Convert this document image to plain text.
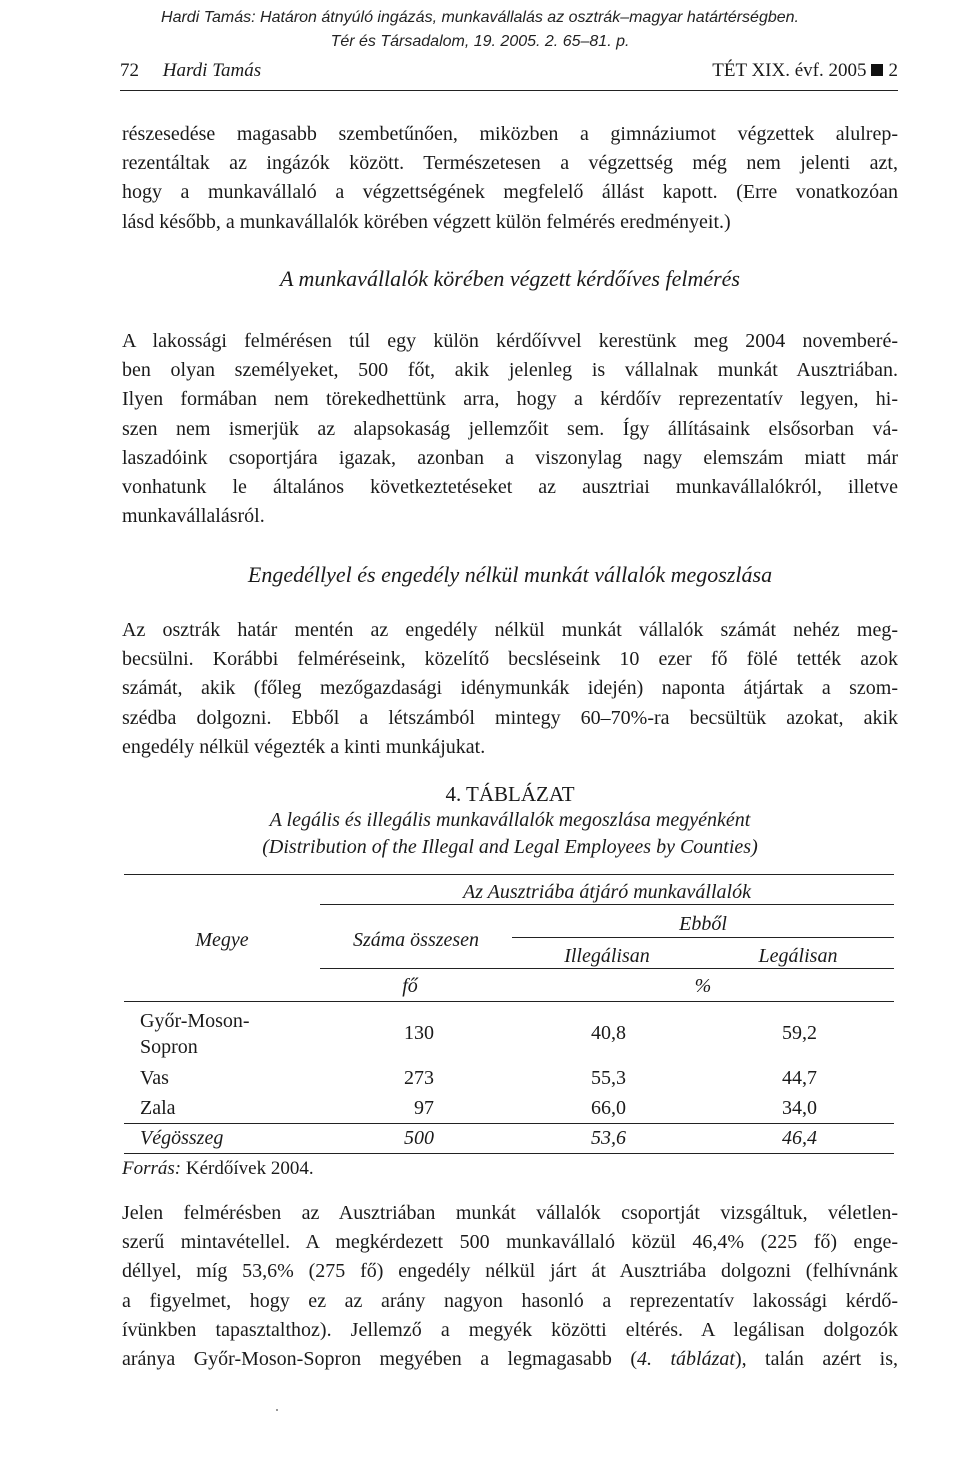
Hardi Tamás: Határon átnyúló ingázás, munkavállalás az osztrák–magyar határtérségben.
Tér és Társadalom, 19. 2005. 2. 65–81. p.
72 Hardi Tamás	TÉT XIX. évf. 2005 2
részesedése magasabb szembetűnően, miközben a gimnáziumot végzettek alulrep-
rezentáltak az ingázók között. Természetesen a végzettség még nem jelenti azt,
hogy a munkavállaló a végzettségének megfelelő állást kapott. (Erre vonatkozóan
lásd később, a munkavállalók körében végzett külön felmérés eredményeit.)
A munkavállalók körében végzett kérdőíves felmérés
A lakossági felmérésen túl egy külön kérdőívvel kerestünk meg 2004 novemberé-
ben olyan személyeket, 500 főt, akik jelenleg is vállalnak munkát Ausztriában.
Ilyen formában nem törekedhettünk arra, hogy a kérdőív reprezentatív legyen, hi-
szen nem ismerjük az alapsokaság jellemzőit sem. Így állításaink elsősorban vá-
laszadóink csoportjára igazak, azonban a viszonylag nagy elemszám miatt már
vonhatunk le általános következtetéseket az ausztriai munkavállalókról, illetve
munkavállalásról.
Engedéllyel és engedély nélkül munkát vállalók megoszlása
Az osztrák határ mentén az engedély nélkül munkát vállalók számát nehéz meg-
becsülni. Korábbi felméréseink, közelítő becsléseink 10 ezer fő fölé tették azok
számát, akik (főleg mezőgazdasági idénymunkák idején) naponta átjártak a szom-
szédba dolgozni. Ebből a létszámból mintegy 60–70%-ra becsültük azokat, akik
engedély nélkül végezték a kinti munkájukat.
4. TÁBLÁZAT
A legális és illegális munkavállalók megoszlása megyénként
(Distribution of the Illegal and Legal Employees by Counties)
Az Ausztriába átjáró munkavállalók
Ebből
Megye	Száma összesen
Illegálisan	Legálisan
fő	%
Győr-Moson-
Sopron
130	40,8	59,2
Vas	273	55,3	44,7
Zala	97	66,0	34,0
Végösszeg	500	53,6	46,4
Forrás: Kérdőívek 2004.
Jelen felmérésben az Ausztriában munkát vállalók csoportját vizsgáltuk, véletlen-
szerű mintavétellel. A megkérdezett 500 munkavállaló közül 46,4% (225 fő) enge-
déllyel, míg 53,6% (275 fő) engedély nélkül járt át Ausztriába dolgozni (felhívnánk
a figyelmet, hogy ez az arány nagyon hasonló a reprezentatív lakossági kérdő-
ívünkben tapasztalthoz). Jellemző a megyék közötti eltérés. A legálisan dolgozók
aránya Győr-Moson-Sopron megyében a legmagasabb (4. táblázat), talán azért is,
